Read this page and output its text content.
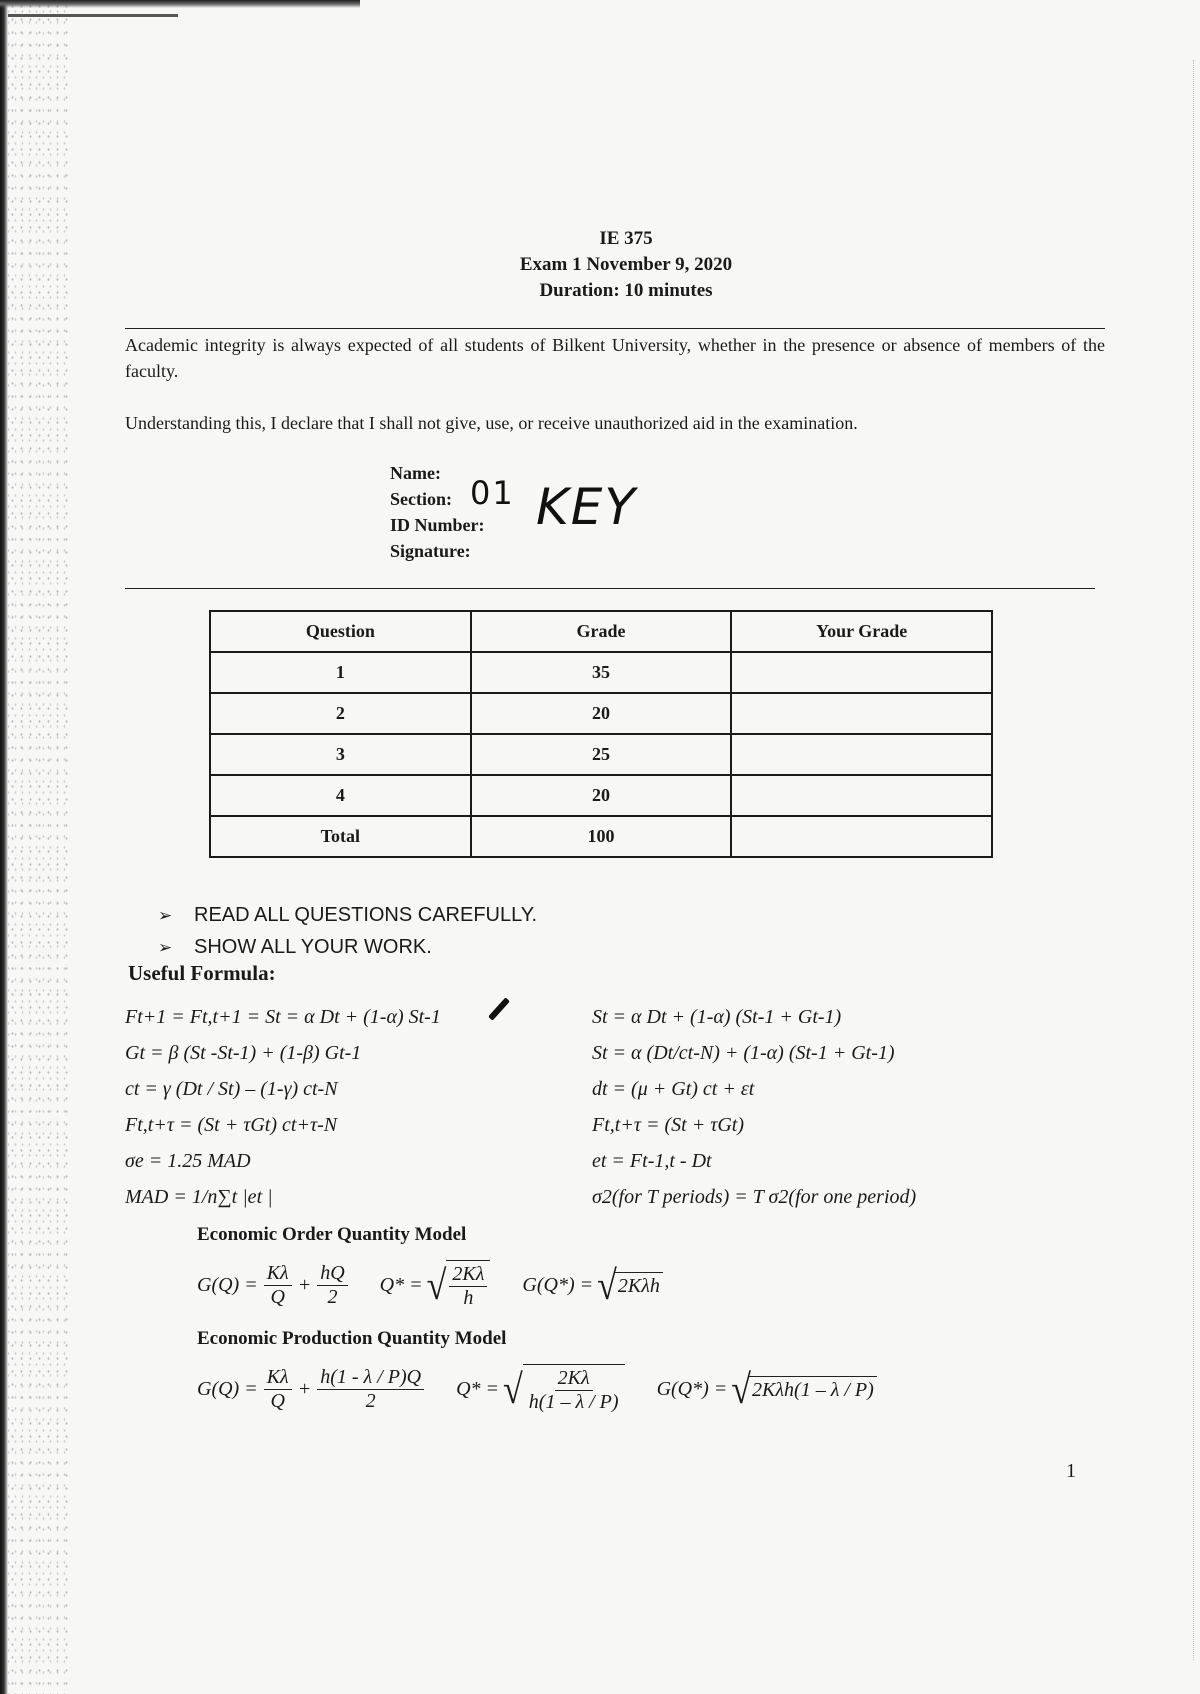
IE 375
Exam 1 November 9, 2020
Duration: 10 minutes
Academic integrity is always expected of all students of Bilkent University, whether in the presence or absence of members of the faculty.
Understanding this, I declare that I shall not give, use, or receive unauthorized aid in the examination.
Name:
Section:
ID Number:
Signature:
01 KEY
Question	Grade	Your Grade
1	35	
2	20	
3	25	
4	20	
Total	100	
➢ READ ALL QUESTIONS CAREFULLY.
➢ SHOW ALL YOUR WORK.
Useful Formula:
Ft+1 = Ft,t+1 = St = α Dt + (1-α) St-1
Gt = β (St -St-1) + (1-β) Gt-1
ct = γ (Dt / St) – (1-γ) ct-N
Ft,t+τ = (St + τGt) ct+τ-N
σe = 1.25 MAD
MAD = 1/n∑t |et |
St = α Dt + (1-α) (St-1 + Gt-1)
St = α (Dt/ct-N) + (1-α) (St-1 + Gt-1)
dt = (μ + Gt) ct + εt
Ft,t+τ = (St + τGt)
et = Ft-1,t - Dt
σ2(for T periods) = T σ2(for one period)
Economic Order Quantity Model
$G(Q) = \frac{K\lambda}{Q} + \frac{hQ}{2} Q*$ = √ $\frac{2K\lambda}{h} G(Q*)$ = √ 2Kλh
Economic Production Quantity Model
$G(Q) = \frac{K\lambda}{Q} + \frac{h(1 - \lambda / P)Q}{2} Q*$ = √ $\frac{2K\lambda}{h(1 - \lambda / P)} G(Q*)$ = √ 2Kλh(1 – λ / P)
1
